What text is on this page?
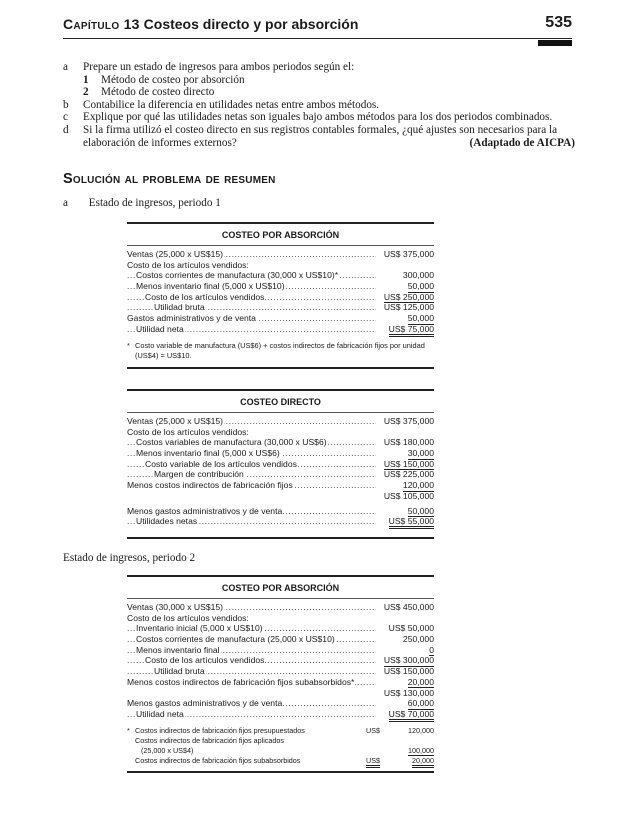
Capítulo 13 Costeos directo y por absorción	535
a Prepare un estado de ingresos para ambos periodos según el:
1 Método de costeo por absorción
2 Método de costeo directo
b Contabilice la diferencia en utilidades netas entre ambos métodos.
c Explique por qué las utilidades netas son iguales bajo ambos métodos para los dos periodos combinados.
d Si la firma utilizó el costeo directo en sus registros contables formales, ¿qué ajustes son necesarios para la
elaboración de informes externos?	(Adaptado de AICPA)
Solución al problema de resumen
a Estado de ingresos, periodo 1
COSTEO POR ABSORCIÓN
Ventas (25,000 x US$15) .....	US$ 375,000
Costo de los artículos vendidos:
Costos corrientes de manufactura (30,000 x US$10)* .....	300,000
Menos inventario final (5,000 x US$10) .....	50,000
Costo de los artículos vendidos .....	US$ 250,000
Utilidad bruta .....	US$ 125,000
Gastos administrativos y de venta .....	50,000
Utilidad neta .....	US$ 75,000
* Costo variable de manufactura (US$6) + costos indirectos de fabricación fijos por unidad (US$4) = US$10.
COSTEO DIRECTO
Ventas (25,000 x US$15) .....	US$ 375,000
Costo de los artículos vendidos:
Costos variables de manufactura (30,000 x US$6) .....	US$ 180,000
Menos inventario final (5,000 x US$6) .....	30,000
Costo variable de los artículos vendidos .....	US$ 150,000
Margen de contribución .....	US$ 225,000
Menos costos indirectos de fabricación fijos .....	120,000
US$ 105,000
Menos gastos administrativos y de venta .....	50,000
Utilidades netas .....	US$ 55,000
Estado de ingresos, periodo 2
COSTEO POR ABSORCIÓN
Ventas (30,000 x US$15) .....	US$ 450,000
Costo de los artículos vendidos:
Inventario inicial (5,000 x US$10) .....	US$ 50,000
Costos corrientes de manufactura (25,000 x US$10) .....	250,000
Menos inventario final .....	0
Costo de los artículos vendidos .....	US$ 300,000
Utilidad bruta .....	US$ 150,000
Menos costos indirectos de fabricación fijos subabsorbidos* .....	20,000
US$ 130,000
Menos gastos administrativos y de venta .....	60,000
Utilidad neta .....	US$ 70,000
* Costos indirectos de fabricación fijos presupuestados	US$	120,000
Costos indirectos de fabricación fijos aplicados
(25,000 x US$4)	100,000
Costos indirectos de fabricación fijos subabsorbidos	US$	20,000
